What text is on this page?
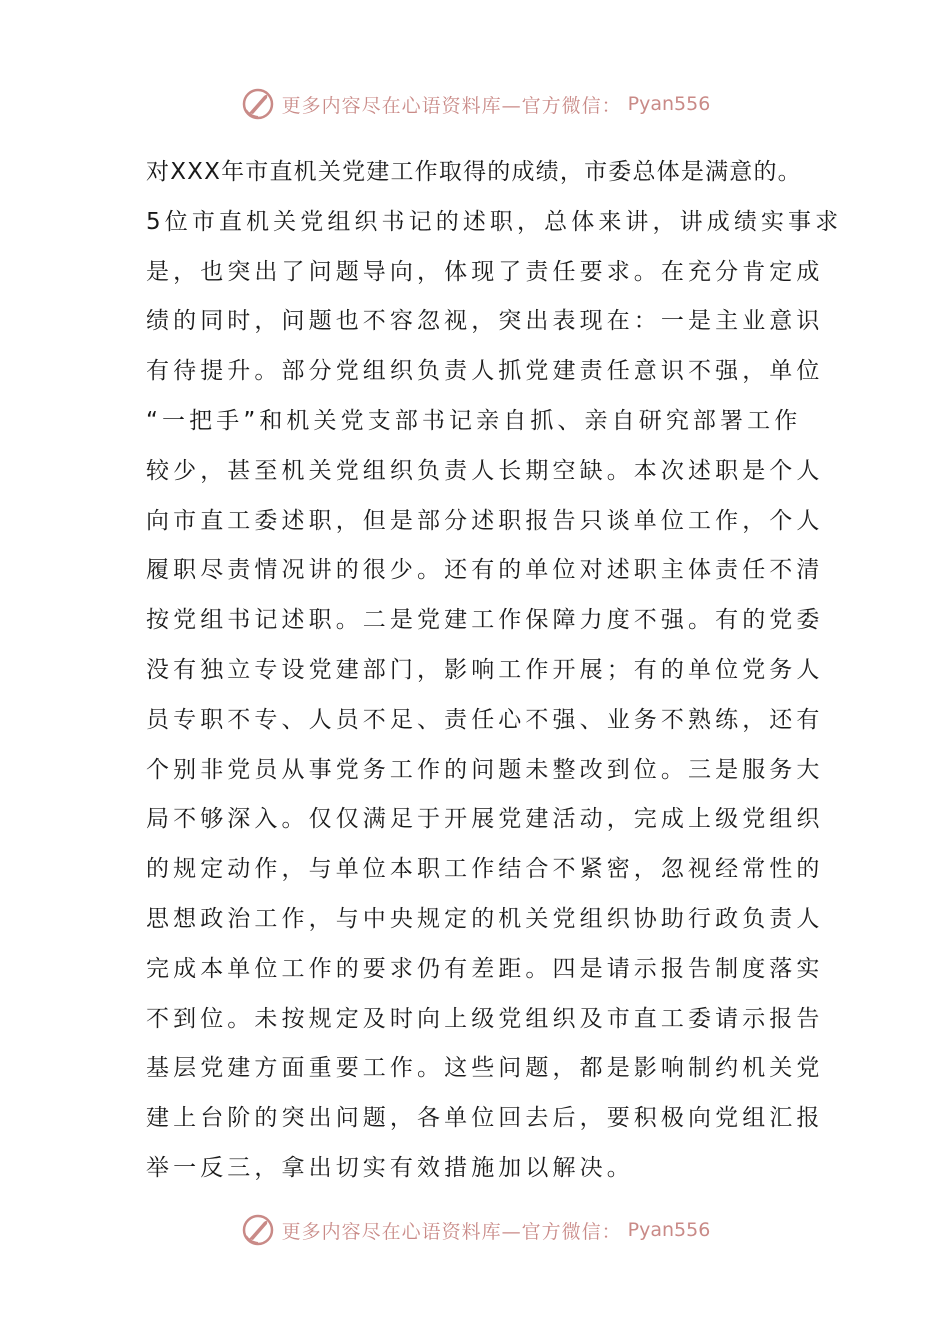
更多内容尽在心语资料库—官方微信： Pyan556
对XXX年市直机关党建工作取得的成绩，市委总体是满意的。
5位市直机关党组织书记的述职，总体来讲，讲成绩实事求
是，也突出了问题导向，体现了责任要求。在充分肯定成
绩的同时，问题也不容忽视，突出表现在：一是主业意识
有待提升。部分党组织负责人抓党建责任意识不强，单位
“一把手”和机关党支部书记亲自抓、亲自研究部署工作
较少，甚至机关党组织负责人长期空缺。本次述职是个人
向市直工委述职，但是部分述职报告只谈单位工作，个人
履职尽责情况讲的很少。还有的单位对述职主体责任不清
按党组书记述职。二是党建工作保障力度不强。有的党委
没有独立专设党建部门，影响工作开展；有的单位党务人
员专职不专、人员不足、责任心不强、业务不熟练，还有
个别非党员从事党务工作的问题未整改到位。三是服务大
局不够深入。仅仅满足于开展党建活动，完成上级党组织
的规定动作，与单位本职工作结合不紧密，忽视经常性的
思想政治工作，与中央规定的机关党组织协助行政负责人
完成本单位工作的要求仍有差距。四是请示报告制度落实
不到位。未按规定及时向上级党组织及市直工委请示报告
基层党建方面重要工作。这些问题，都是影响制约机关党
建上台阶的突出问题，各单位回去后，要积极向党组汇报
举一反三，拿出切实有效措施加以解决。
更多内容尽在心语资料库—官方微信： Pyan556
